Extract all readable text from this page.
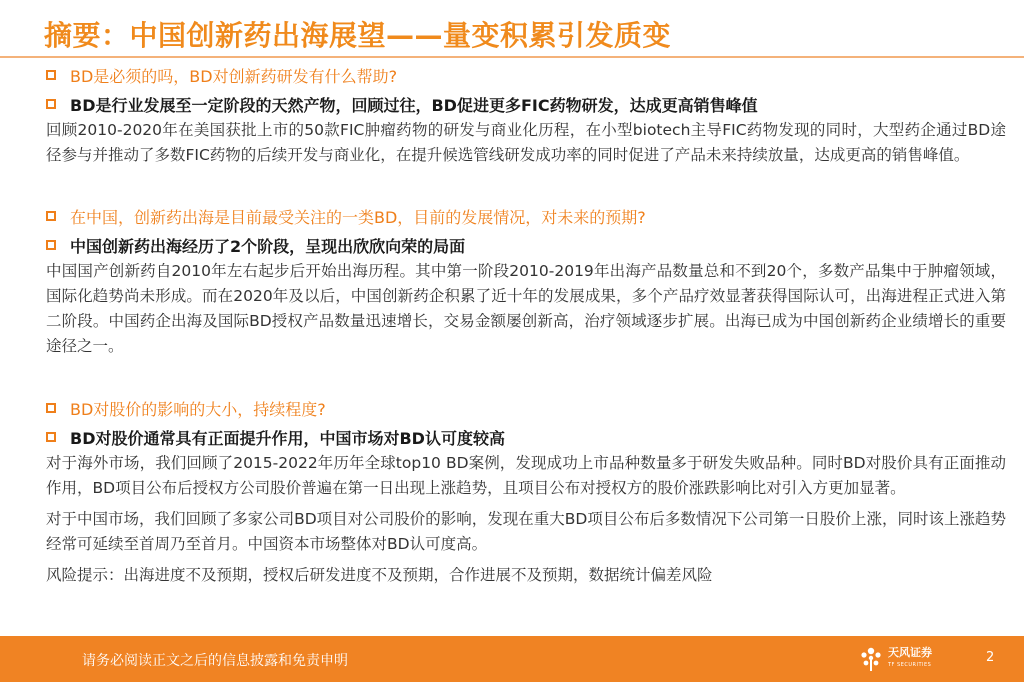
摘要：中国创新药出海展望——量变积累引发质变
BD是必须的吗，BD对创新药研发有什么帮助?
BD是行业发展至一定阶段的天然产物，回顾过往，BD促进更多FIC药物研发，达成更高销售峰值

回顾2010-2020年在美国获批上市的50款FIC肿瘤药物的研发与商业化历程，在小型biotech主导FIC药物发现的同时，大型药企通过BD途径参与并推动了多数FIC药物的后续开发与商业化，在提升候选管线研发成功率的同时促进了产品未来持续放量，达成更高的销售峰值。

在中国，创新药出海是目前最受关注的一类BD，目前的发展情况，对未来的预期?
中国创新药出海经历了2个阶段，呈现出欣欣向荣的局面

中国国产创新药自2010年左右起步后开始出海历程。其中第一阶段2010-2019年出海产品数量总和不到20个，多数产品集中于肿瘤领域，国际化趋势尚未形成。而在2020年及以后，中国创新药企积累了近十年的发展成果，多个产品疗效显著获得国际认可，出海进程正式进入第二阶段。中国药企出海及国际BD授权产品数量迅速增长，交易金额屡创新高，治疗领域逐步扩展。出海已成为中国创新药企业绩增长的重要途径之一。

BD对股价的影响的大小，持续程度?
BD对股价通常具有正面提升作用，中国市场对BD认可度较高

对于海外市场，我们回顾了2015-2022年历年全球top10 BD案例，发现成功上市品种数量多于研发失败品种。同时BD对股价具有正面推动作用，BD项目公布后授权方公司股价普遍在第一日出现上涨趋势，且项目公布对授权方的股价涨跌影响比对引入方更加显著。

对于中国市场，我们回顾了多家公司BD项目对公司股价的影响，发现在重大BD项目公布后多数情况下公司第一日股价上涨，同时该上涨趋势经常可延续至首周乃至首月。中国资本市场整体对BD认可度高。

风险提示：出海进度不及预期，授权后研发进度不及预期，合作进展不及预期，数据统计偏差风险

请务必阅读正文之后的信息披露和免责申明
天风证券
TF SECURITIES	2
